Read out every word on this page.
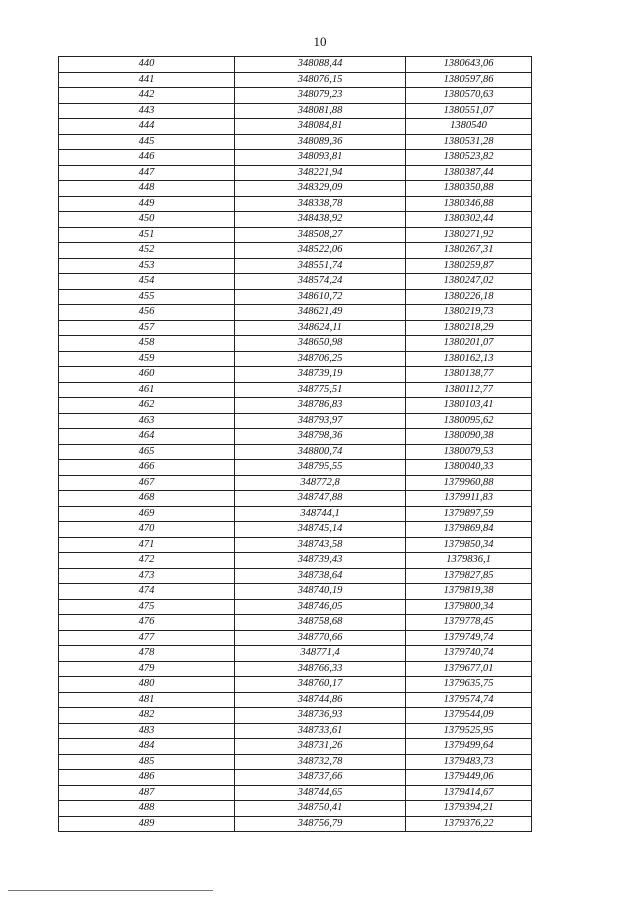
10
440	348088,44	1380643,06
441	348076,15	1380597,86
442	348079,23	1380570,63
443	348081,88	1380551,07
444	348084,81	1380540
445	348089,36	1380531,28
446	348093,81	1380523,82
447	348221,94	1380387,44
448	348329,09	1380350,88
449	348338,78	1380346,88
450	348438,92	1380302,44
451	348508,27	1380271,92
452	348522,06	1380267,31
453	348551,74	1380259,87
454	348574,24	1380247,02
455	348610,72	1380226,18
456	348621,49	1380219,73
457	348624,11	1380218,29
458	348650,98	1380201,07
459	348706,25	1380162,13
460	348739,19	1380138,77
461	348775,51	1380112,77
462	348786,83	1380103,41
463	348793,97	1380095,62
464	348798,36	1380090,38
465	348800,74	1380079,53
466	348795,55	1380040,33
467	348772,8	1379960,88
468	348747,88	1379911,83
469	348744,1	1379897,59
470	348745,14	1379869,84
471	348743,58	1379850,34
472	348739,43	1379836,1
473	348738,64	1379827,85
474	348740,19	1379819,38
475	348746,05	1379800,34
476	348758,68	1379778,45
477	348770,66	1379749,74
478	348771,4	1379740,74
479	348766,33	1379677,01
480	348760,17	1379635,75
481	348744,86	1379574,74
482	348736,93	1379544,09
483	348733,61	1379525,95
484	348731,26	1379499,64
485	348732,78	1379483,73
486	348737,66	1379449,06
487	348744,65	1379414,67
488	348750,41	1379394,21
489	348756,79	1379376,22
